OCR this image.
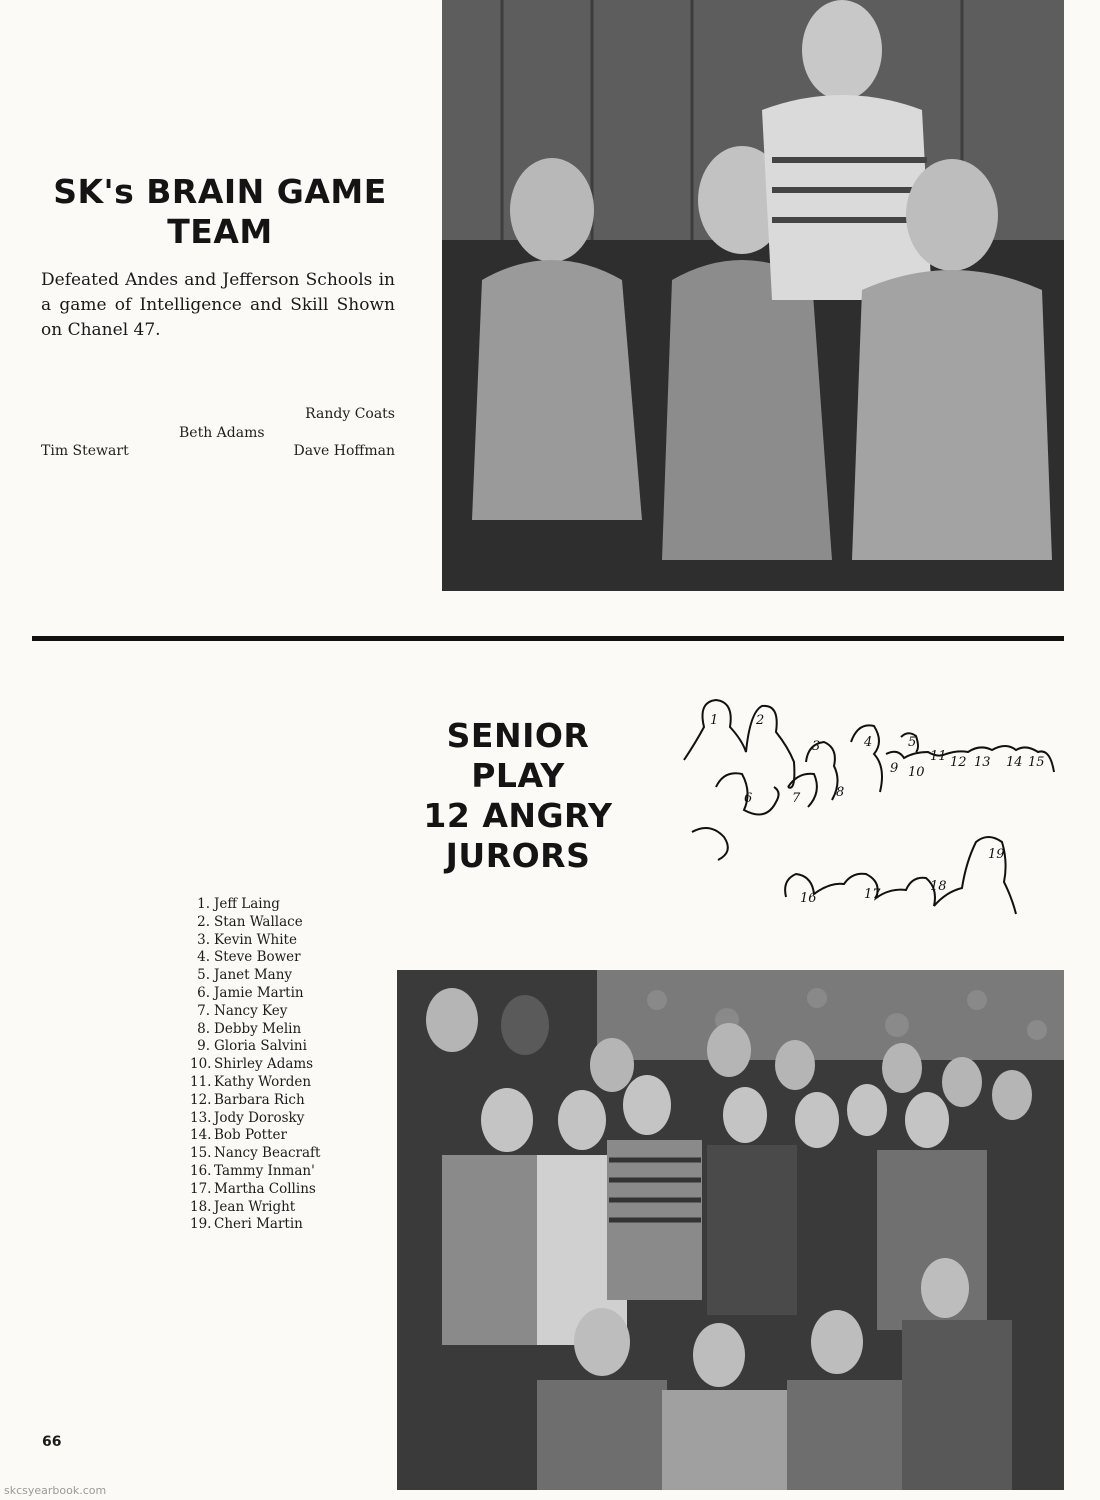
SK's BRAIN GAME
TEAM
Defeated Andes and Jefferson Schools in a game of Intelligence and Skill Shown on Chanel 47.
Randy Coats
Beth Adams
Tim Stewart	Dave Hoffman
SENIOR
PLAY
12 ANGRY
JURORS
1	2
3	4	5
6	7	8
9 10
11 12 13 14 15
16	17
18
19
1. Jeff Laing
2. Stan Wallace
3. Kevin White
4. Steve Bower
5. Janet Many
6. Jamie Martin
7. Nancy Key
8. Debby Melin
9. Gloria Salvini
10. Shirley Adams
11. Kathy Worden
12. Barbara Rich
13. Jody Dorosky
14. Bob Potter
15. Nancy Beacraft
16. Tammy Inman'
17. Martha Collins
18. Jean Wright
19. Cheri Martin
66
skcsyearbook.com
